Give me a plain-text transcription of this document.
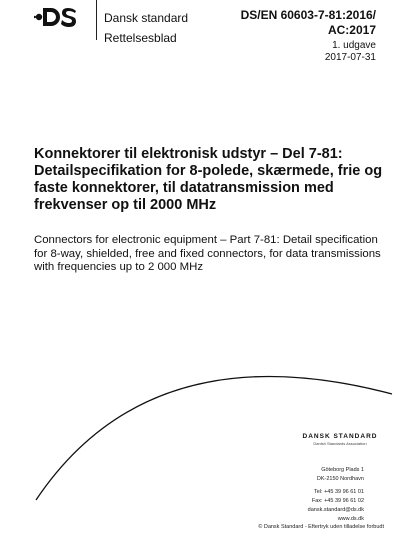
Dansk standard
Rettelsesblad
DS/EN 60603-7-81:2016/
AC:2017
1. udgave
2017-07-31
Konnektorer til elektronisk udstyr – Del 7-81: Detailspecifikation for 8-polede, skærmede, frie og faste konnektorer, til datatransmission med frekvenser op til 2000 MHz
Connectors for electronic equipment – Part 7-81: Detail specification for 8-way, shielded, free and fixed connectors, for data transmissions with frequencies up to 2 000 MHz
DANSK STANDARD
Danish Standards Association
Göteborg Plads 1
DK-2150 Nordhavn
Tel: +45 39 96 61 01
Fax: +45 39 96 61 02
dansk.standard@ds.dk
www.ds.dk
© Dansk Standard - Eftertryk uden tilladelse forbudt
